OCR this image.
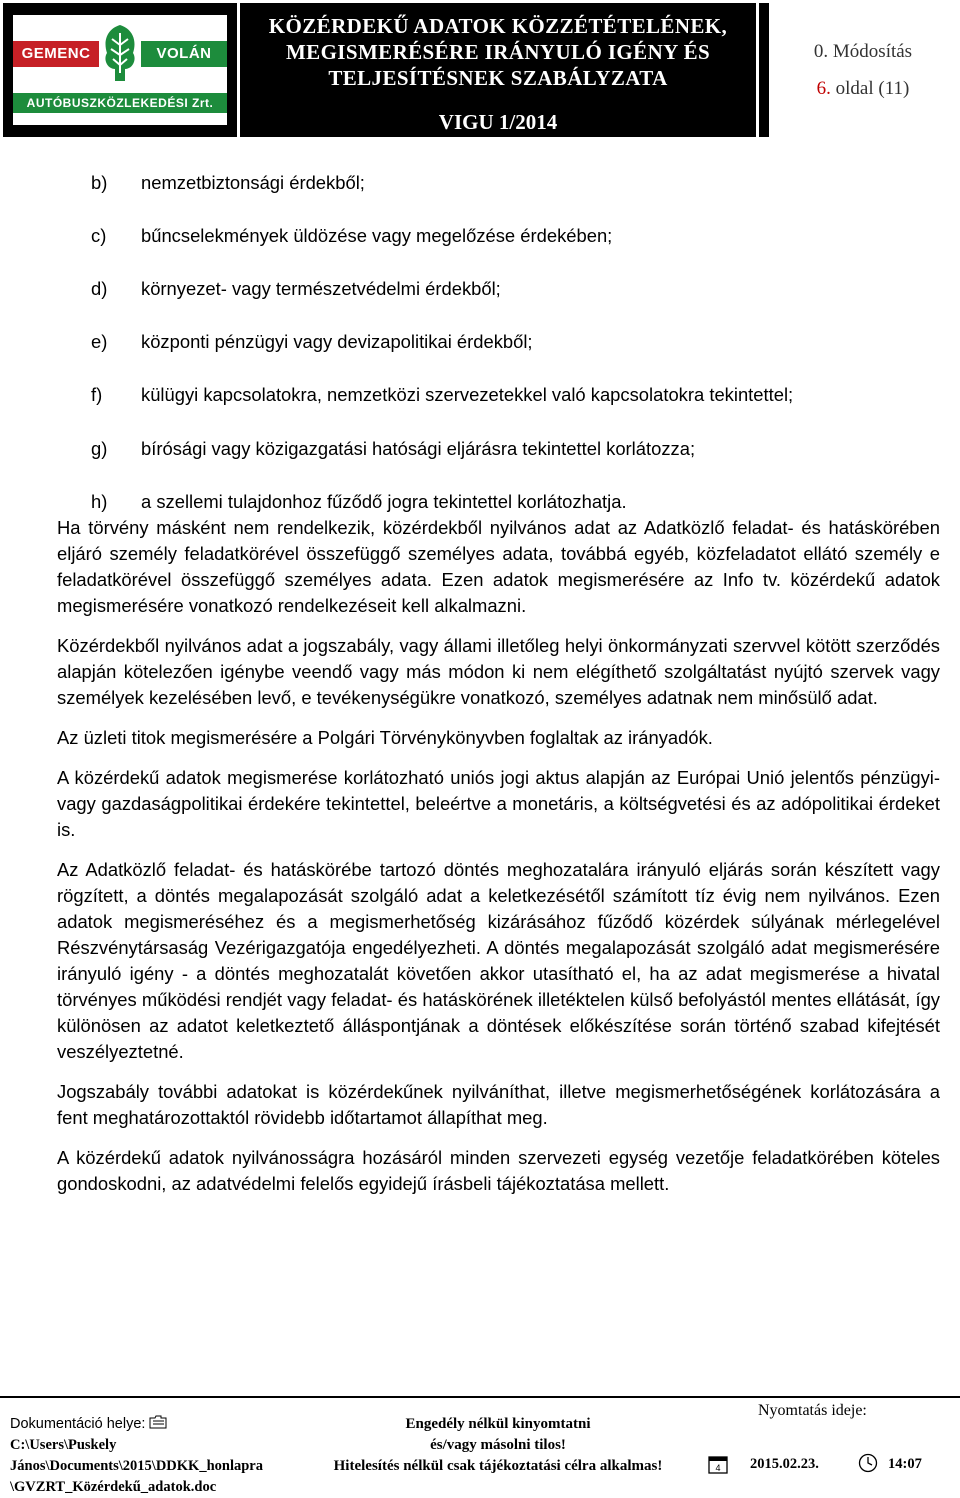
GEMENC	VOLÁN
AUTÓBUSZKÖZLEKEDÉSI Zrt.
KÖZÉRDEKŰ ADATOK KÖZZÉTÉTELÉNEK,
MEGISMERÉSÉRE IRÁNYULÓ IGÉNY ÉS
TELJESÍTÉSNEK SZABÁLYZATA
VIGU 1/2014
0. Módosítás
6. oldal (11)
b) nemzetbiztonsági érdekből;
c) bűncselekmények üldözése vagy megelőzése érdekében;
d) környezet- vagy természetvédelmi érdekből;
e) központi pénzügyi vagy devizapolitikai érdekből;
f) külügyi kapcsolatokra, nemzetközi szervezetekkel való kapcsolatokra tekintettel;
g) bírósági vagy közigazgatási hatósági eljárásra tekintettel korlátozza;
h) a szellemi tulajdonhoz fűződő jogra tekintettel korlátozhatja.
Ha törvény másként nem rendelkezik, közérdekből nyilvános adat az Adatközlő feladat- és hatáskörében eljáró személy feladatkörével összefüggő személyes adata, továbbá egyéb, közfeladatot ellátó személy e feladatkörével összefüggő személyes adata. Ezen adatok megismerésére az Info tv. közérdekű adatok megismerésére vonatkozó rendelkezéseit kell alkalmazni.
Közérdekből nyilvános adat a jogszabály, vagy állami illetőleg helyi önkormányzati szervvel kötött szerződés alapján kötelezően igénybe veendő vagy más módon ki nem elégíthető szolgáltatást nyújtó szervek vagy személyek kezelésében levő, e tevékenységükre vonatkozó, személyes adatnak nem minősülő adat.
Az üzleti titok megismerésére a Polgári Törvénykönyvben foglaltak az irányadók.
A közérdekű adatok megismerése korlátozható uniós jogi aktus alapján az Európai Unió jelentős pénzügyi- vagy gazdaságpolitikai érdekére tekintettel, beleértve a monetáris, a költségvetési és az adópolitikai érdeket is.
Az Adatközlő feladat- és hatáskörébe tartozó döntés meghozatalára irányuló eljárás során készített vagy rögzített, a döntés megalapozását szolgáló adat a keletkezésétől számított tíz évig nem nyilvános. Ezen adatok megismeréséhez és a megismerhetőség kizárásához fűződő közérdek súlyának mérlegelével Részvénytársaság Vezérigazgatója engedélyezheti. A döntés megalapozását szolgáló adat megismerésére irányuló igény - a döntés meghozatalát követően akkor utasítható el, ha az adat megismerése a hivatal törvényes működési rendjét vagy feladat- és hatáskörének illetéktelen külső befolyástól mentes ellátását, így különösen az adatot keletkeztető álláspontjának a döntések előkészítése során történő szabad kifejtését veszélyeztetné.
Jogszabály további adatokat is közérdekűnek nyilváníthat, illetve megismerhetőségének korlátozására a fent meghatározottaktól rövidebb időtartamot állapíthat meg.
A közérdekű adatok nyilvánosságra hozásáról minden szervezeti egység vezetője feladatkörében köteles gondoskodni, az adatvédelmi felelős egyidejű írásbeli tájékoztatása mellett.
Dokumentáció helye:
C:\Users\Puskely
János\Documents\2015\DDKK_honlapra
\GVZRT_Közérdekű_adatok.doc
Engedély nélkül kinyomtatni
és/vagy másolni tilos!
Hitelesítés nélkül csak tájékoztatási célra alkalmas!
Nyomtatás ideje:
4 2015.02.23.	14:07
